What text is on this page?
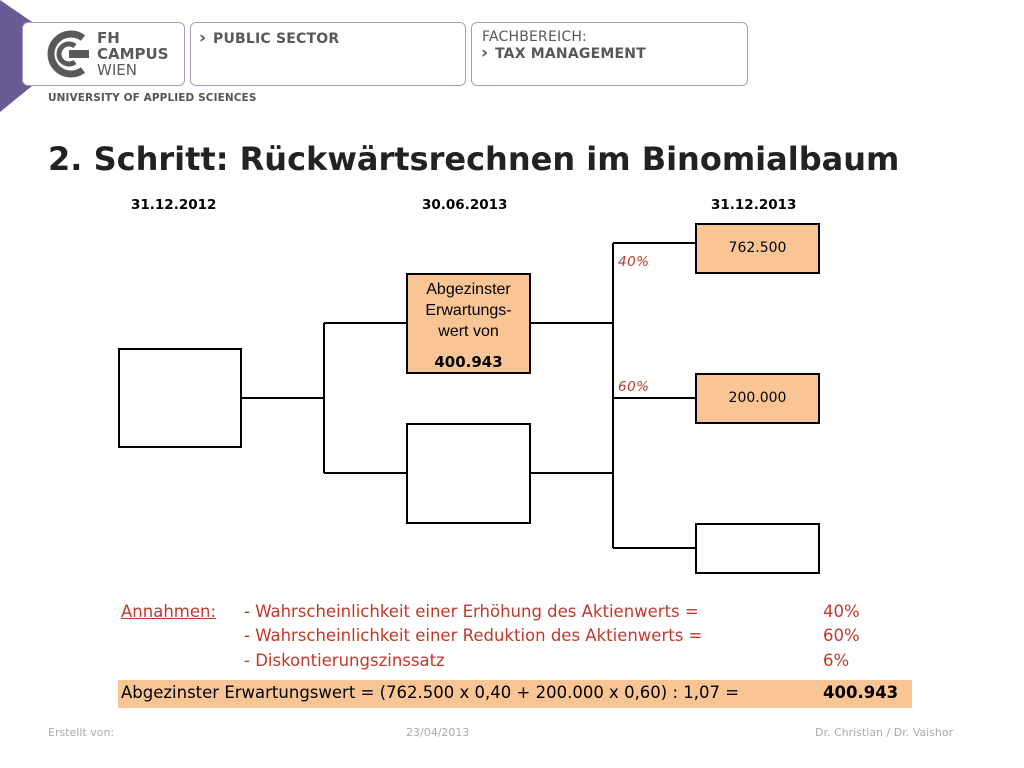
FH
CAMPUS
WIEN
› PUBLIC SECTOR	FACHBEREICH:
› TAX MANAGEMENT
UNIVERSITY OF APPLIED SCIENCES
2. Schritt: Rückwärtsrechnen im Binomialbaum
31.12.2012	30.06.2013	31.12.2013
Abgezinster
Erwartungs-
wert von
400.943
762.500
200.000
40%
60%
Annahmen: - Wahrscheinlichkeit einer Erhöhung des Aktienwerts =	40%
- Wahrscheinlichkeit einer Reduktion des Aktienwerts =	60%
- Diskontierungszinssatz	6%
Abgezinster Erwartungswert = (762.500 x 0,40 + 200.000 x 0,60) : 1,07 =	400.943
Erstellt von:	23/04/2013	Dr. Christian / Dr. Vaishor
